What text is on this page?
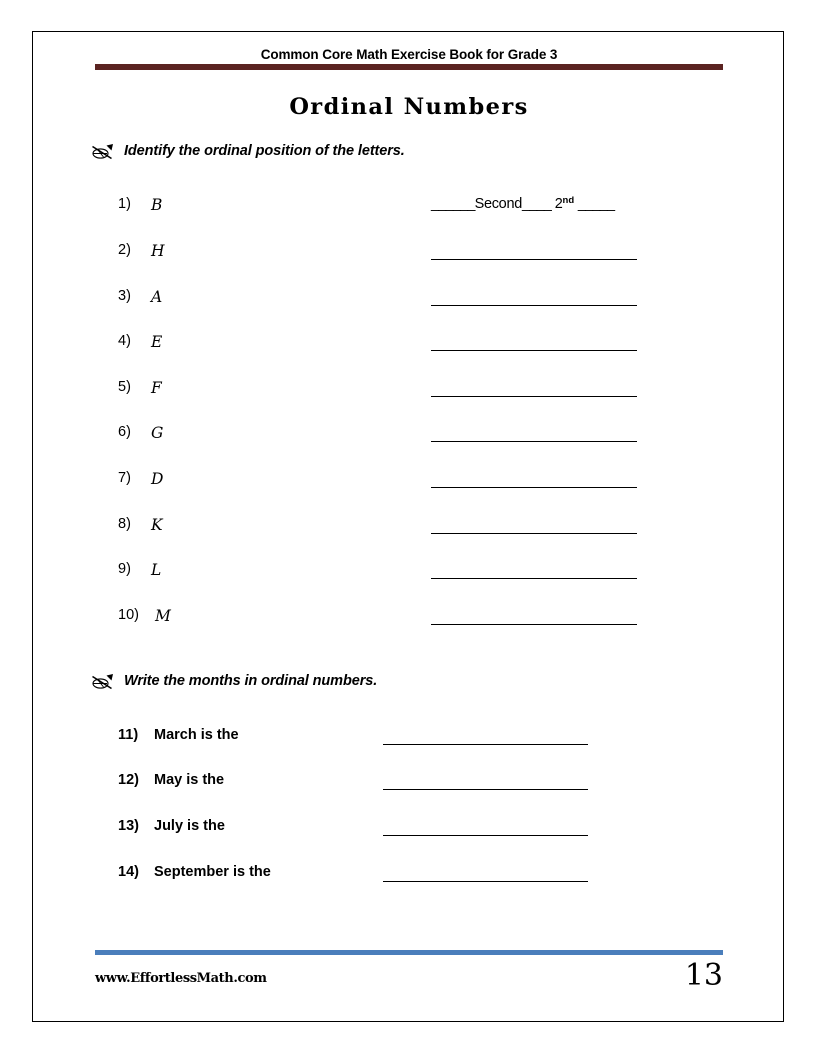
Common Core Math Exercise Book for Grade 3
Ordinal Numbers
Identify the ordinal position of the letters.
1)	B	______Second____ 2nd _____
2)	H
3)	A
4)	E
5)	F
6)	G
7)	D
8)	K
9)	L
10)	M
Write the months in ordinal numbers.
11)	March is the
12)	May is the
13)	July is the
14)	September is the
www.EffortlessMath.com	13
